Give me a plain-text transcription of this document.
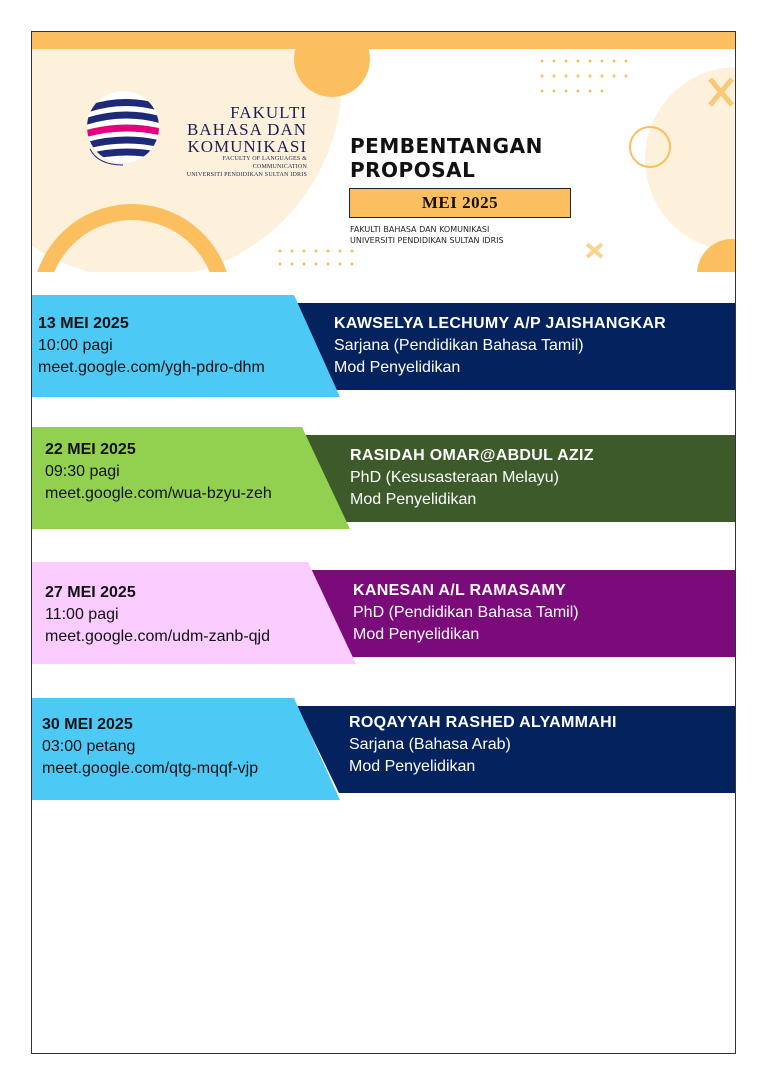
FAKULTI
BAHASA DAN
KOMUNIKASI
FACULTY OF LANGUAGES & COMMUNICATION
UNIVERSITI PENDIDIKAN SULTAN IDRIS
PEMBENTANGAN
PROPOSAL
MEI 2025
FAKULTI BAHASA DAN KOMUNIKASI
UNIVERSITI PENDIDIKAN SULTAN IDRIS
KAWSELYA LECHUMY A/P JAISHANGKAR
Sarjana (Pendidikan Bahasa Tamil)
Mod Penyelidikan
13 MEI 2025
10:00 pagi
meet.google.com/ygh-pdro-dhm
RASIDAH OMAR@ABDUL AZIZ
PhD (Kesusasteraan Melayu)
Mod Penyelidikan
22 MEI 2025
09:30 pagi
meet.google.com/wua-bzyu-zeh
KANESAN A/L RAMASAMY
PhD (Pendidikan Bahasa Tamil)
Mod Penyelidikan
27 MEI 2025
11:00 pagi
meet.google.com/udm-zanb-qjd
ROQAYYAH RASHED ALYAMMAHI
Sarjana (Bahasa Arab)
Mod Penyelidikan
30 MEI 2025
03:00 petang
meet.google.com/qtg-mqqf-vjp
